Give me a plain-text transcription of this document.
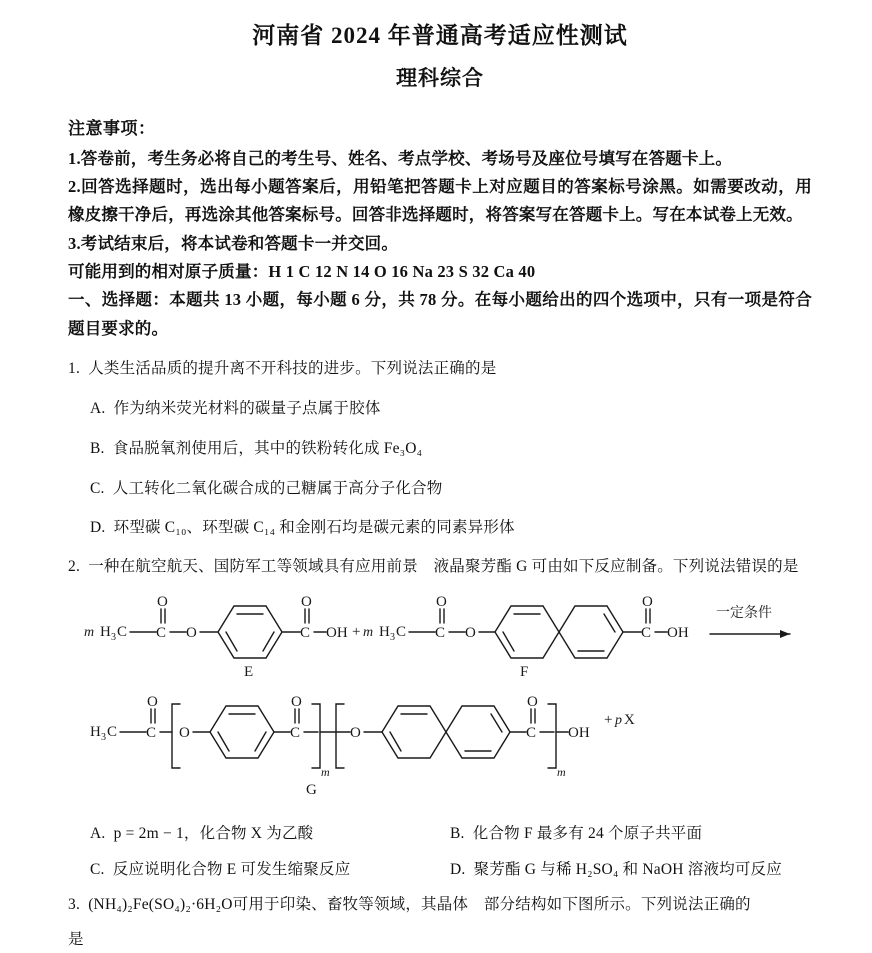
河南省 2024 年普通高考适应性测试
理科综合
注意事项：
1.答卷前，考生务必将自己的考生号、姓名、考点学校、考场号及座位号填写在答题卡上。
2.回答选择题时，选出每小题答案后，用铅笔把答题卡上对应题目的答案标号涂黑。如需要改动，用橡皮擦干净后，再选涂其他答案标号。回答非选择题时，将答案写在答题卡上。写在本试卷上无效。
3.考试结束后，将本试卷和答题卡一并交回。
可能用到的相对原子质量：H 1 C 12 N 14 O 16 Na 23 S 32 Ca 40
一、选择题：本题共 13 小题，每小题 6 分，共 78 分。在每小题给出的四个选项中，只有一项是符合题目要求的。
1. 人类生活品质的提升离不开科技的进步。下列说法正确的是
A. 作为纳米荧光材料的碳量子点属于胶体
B. 食品脱氧剂使用后，其中的铁粉转化成 Fe₃O₄
C. 人工转化二氧化碳合成的己糖属于高分子化合物
D. 环型碳 C₁₀、环型碳 C₁₄ 和金刚石均是碳元素的同素异形体
2. 一种在航空航天、国防军工等领域具有应用前景　液晶聚芳酯 G 可由如下反应制备。下列说法错误的是
m H 3 C C
O
O	C
O
OH
E
+ m H 3 C C
O
O	C
O
OH
F
一定条件
H 3 C C
O
O	C
O
m
O	C
O
m
OH
+ p X
G
A. p = 2m − 1，化合物 X 为乙酸	B. 化合物 F 最多有 24 个原子共平面
C. 反应说明化合物 E 可发生缩聚反应	D. 聚芳酯 G 与稀 H₂SO₄ 和 NaOH 溶液均可反应
3. (NH₄)₂Fe(SO₄)₂·6H₂O可用于印染、畜牧等领域，其晶体　部分结构如下图所示。下列说法正确的
是
